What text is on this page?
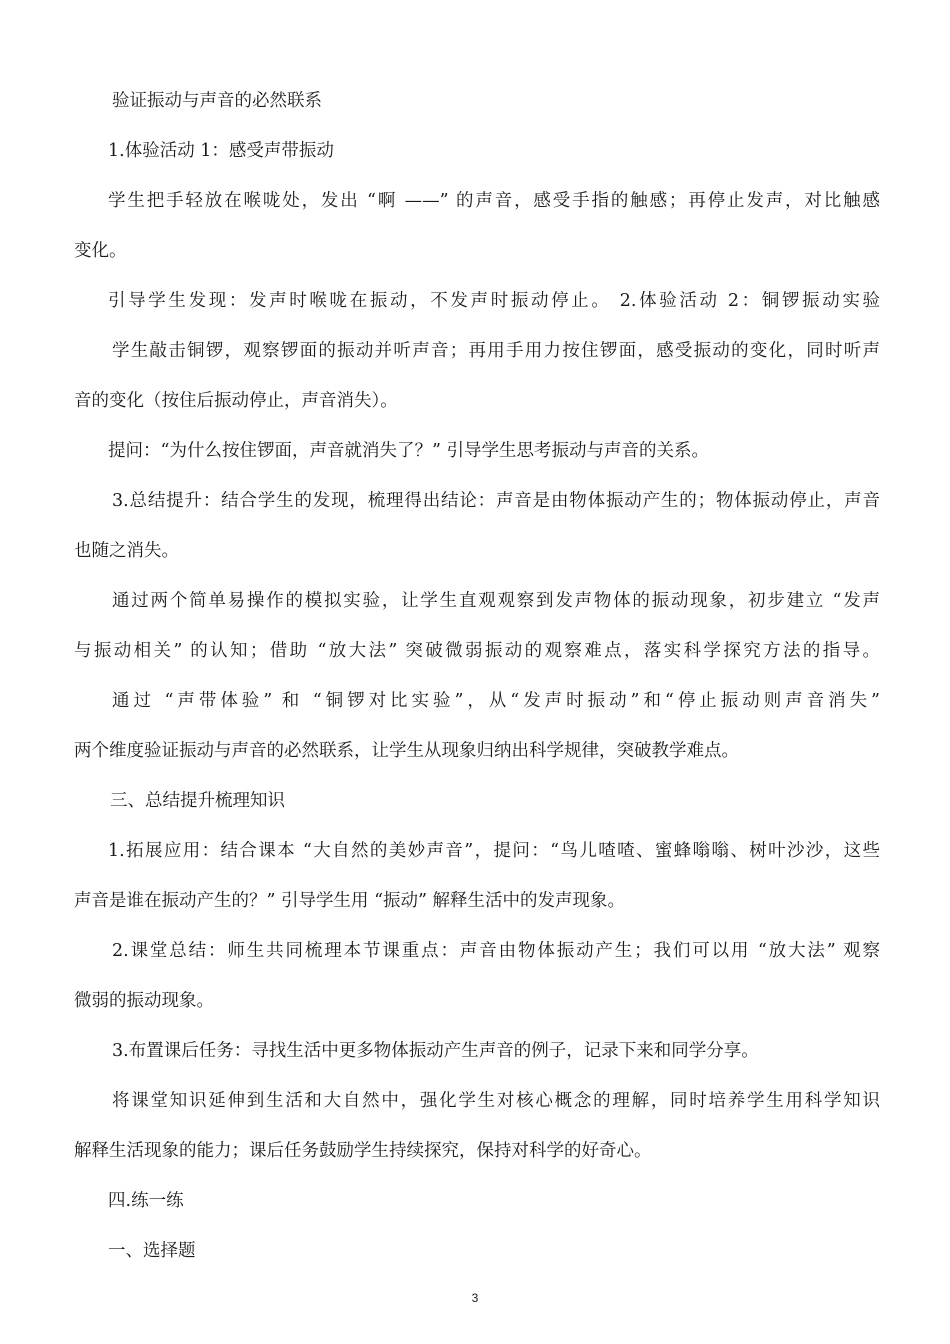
验证振动与声音的必然联系
1.体验活动 1：感受声带振动
学生把手轻放在喉咙处，发出 “啊 ——” 的声音，感受手指的触感；再停止发声，对比触感
变化。
引导学生发现：发声时喉咙在振动，不发声时振动停止。 2.体验活动 2：铜锣振动实验
学生敲击铜锣，观察锣面的振动并听声音；再用手用力按住锣面，感受振动的变化，同时听声
音的变化（按住后振动停止，声音消失）。
提问：“为什么按住锣面，声音就消失了？” 引导学生思考振动与声音的关系。
3.总结提升：结合学生的发现，梳理得出结论：声音是由物体振动产生的；物体振动停止，声音
也随之消失。
通过两个简单易操作的模拟实验，让学生直观观察到发声物体的振动现象，初步建立 “发声
与振动相关” 的认知；借助 “放大法” 突破微弱振动的观察难点，落实科学探究方法的指导。
通过 “声带体验” 和 “铜锣对比实验”，从“发声时振动”和“停止振动则声音消失”
两个维度验证振动与声音的必然联系，让学生从现象归纳出科学规律，突破教学难点。
三、总结提升梳理知识
1.拓展应用：结合课本 “大自然的美妙声音”，提问：“鸟儿喳喳、蜜蜂嗡嗡、树叶沙沙，这些
声音是谁在振动产生的？” 引导学生用 “振动” 解释生活中的发声现象。
2.课堂总结：师生共同梳理本节课重点：声音由物体振动产生；我们可以用 “放大法” 观察
微弱的振动现象。
3.布置课后任务：寻找生活中更多物体振动产生声音的例子，记录下来和同学分享。
将课堂知识延伸到生活和大自然中，强化学生对核心概念的理解，同时培养学生用科学知识
解释生活现象的能力；课后任务鼓励学生持续探究，保持对科学的好奇心。
四.练一练
一、选择题
3
